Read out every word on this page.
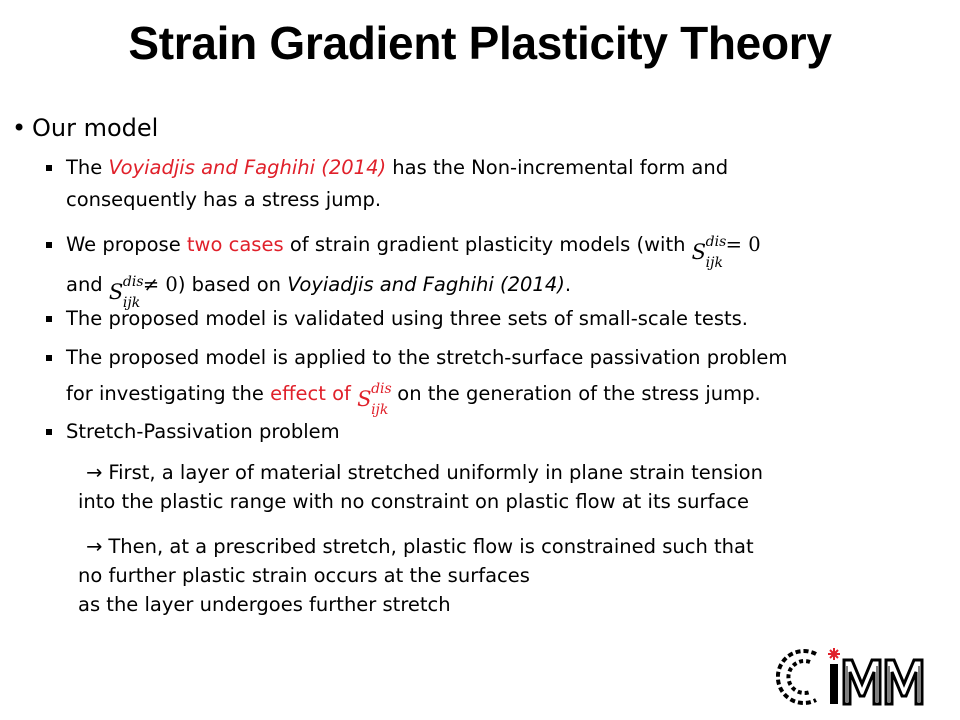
Strain Gradient Plasticity Theory
• Our model
The Voyiadjis and Faghihi (2014) has the Non-incremental form and
consequently has a stress jump.
We propose two cases of strain gradient plasticity models (with S dis
ijk
= 0
and S dis
ijk
≠ 0) based on Voyiadjis and Faghihi (2014).
The proposed model is validated using three sets of small-scale tests.
The proposed model is applied to the stretch-surface passivation problem
for investigating the effect of S dis
ijk
on the generation of the stress jump.
Stretch-Passivation problem
→ First, a layer of material stretched uniformly in plane strain tension
into the plastic range with no constraint on plastic flow at its surface
→ Then, at a prescribed stretch, plastic flow is constrained such that
no further plastic strain occurs at the surfaces
as the layer undergoes further stretch
